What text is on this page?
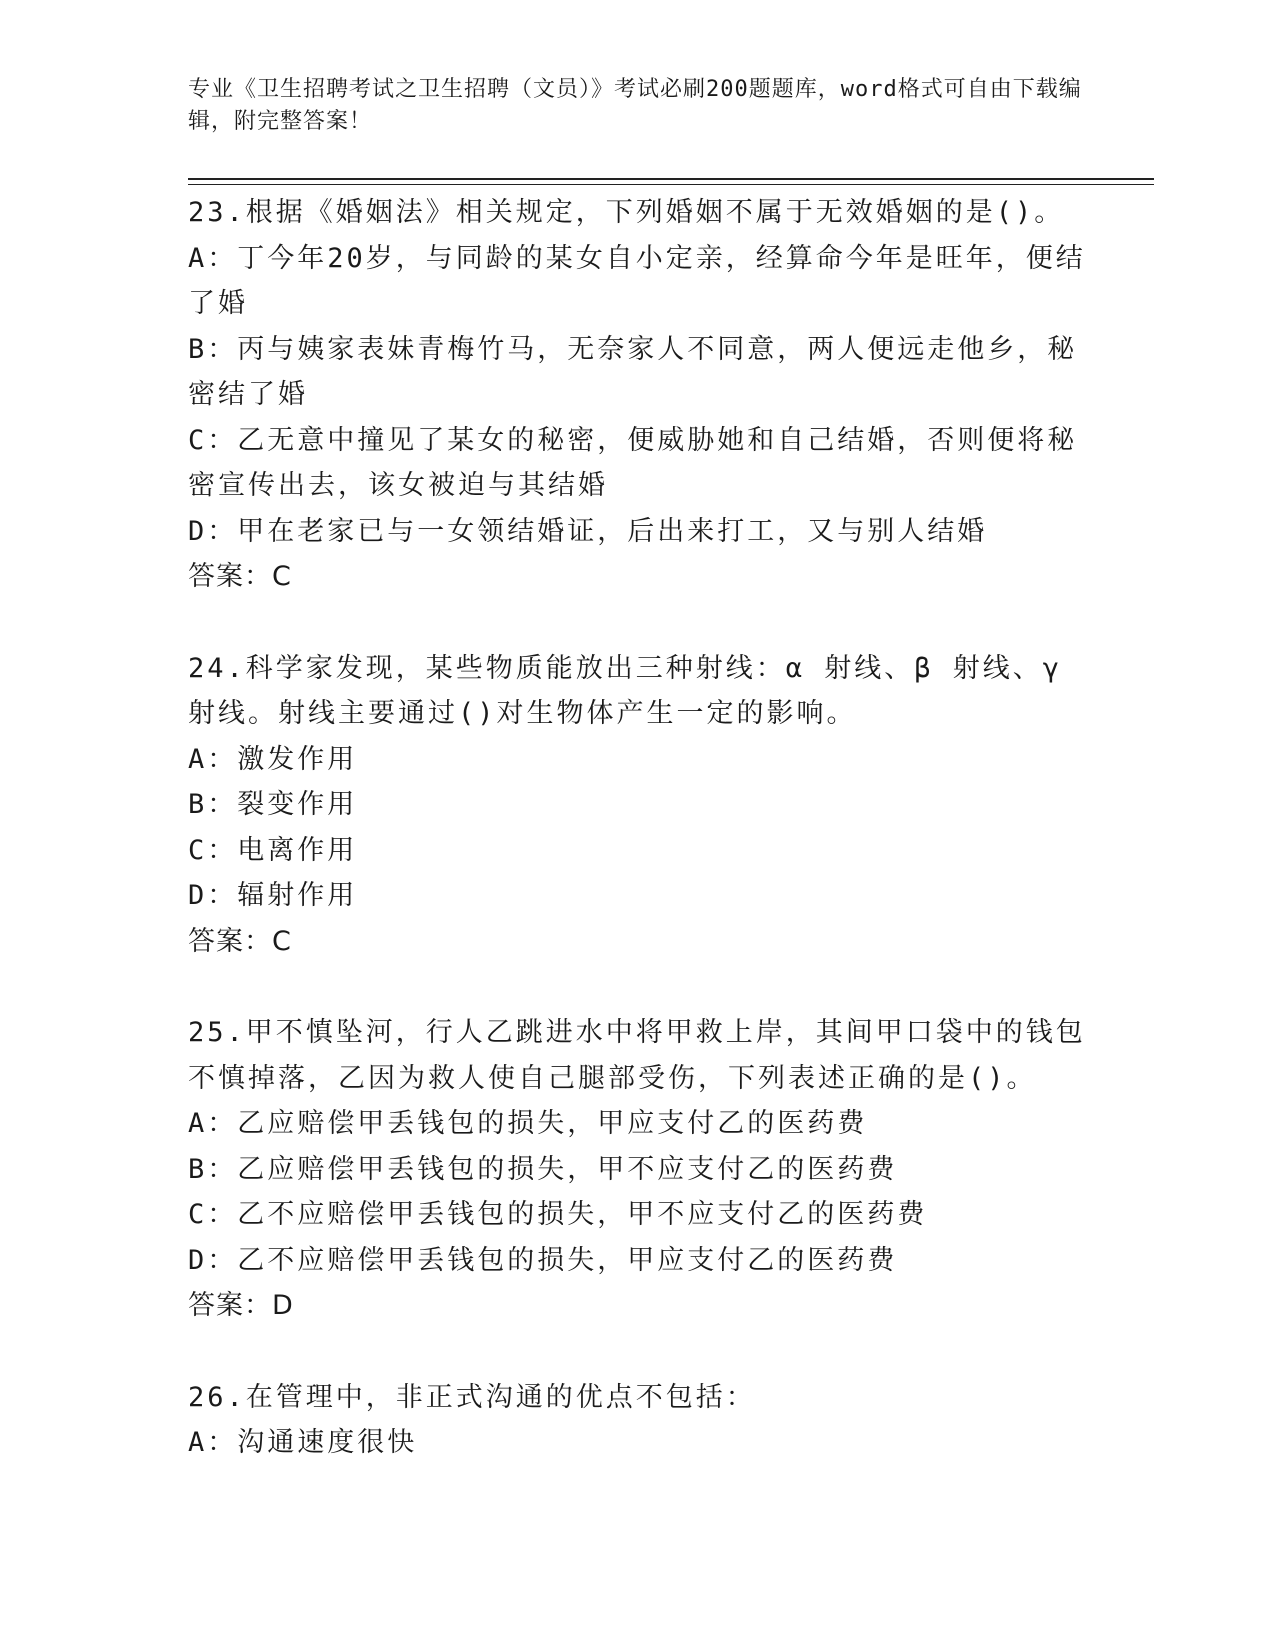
专业《卫生招聘考试之卫生招聘（文员）》考试必刷200题题库，word格式可自由下载编辑，附完整答案！

23.根据《婚姻法》相关规定，下列婚姻不属于无效婚姻的是()。

A：丁今年20岁，与同龄的某女自小定亲，经算命今年是旺年，便结了婚

B：丙与姨家表妹青梅竹马，无奈家人不同意，两人便远走他乡，秘密结了婚

C：乙无意中撞见了某女的秘密，便威胁她和自己结婚，否则便将秘密宣传出去，该女被迫与其结婚

D：甲在老家已与一女领结婚证，后出来打工，又与别人结婚

答案：C

24.科学家发现，某些物质能放出三种射线：α 射线、β 射线、γ 射线。射线主要通过()对生物体产生一定的影响。

A：激发作用

B：裂变作用

C：电离作用

D：辐射作用

答案：C

25.甲不慎坠河，行人乙跳进水中将甲救上岸，其间甲口袋中的钱包不慎掉落，乙因为救人使自己腿部受伤，下列表述正确的是()。

A：乙应赔偿甲丢钱包的损失，甲应支付乙的医药费

B：乙应赔偿甲丢钱包的损失，甲不应支付乙的医药费

C：乙不应赔偿甲丢钱包的损失，甲不应支付乙的医药费

D：乙不应赔偿甲丢钱包的损失，甲应支付乙的医药费

答案：D

26.在管理中，非正式沟通的优点不包括：

A：沟通速度很快
